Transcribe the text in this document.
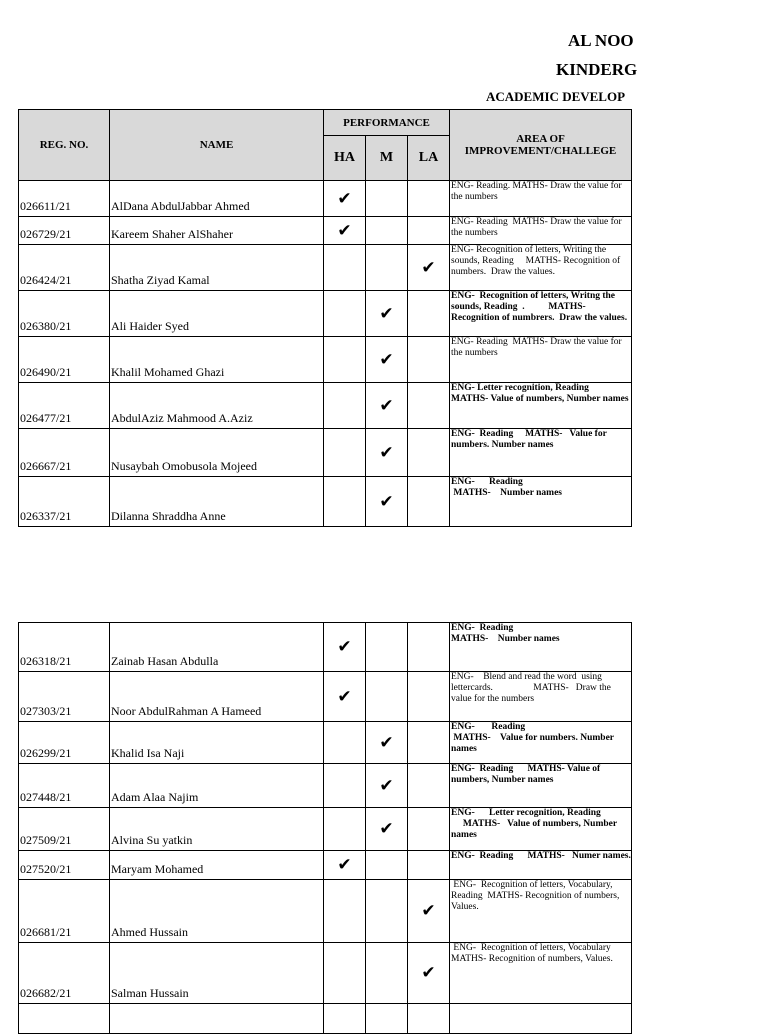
AL NOO
KINDERG
ACADEMIC DEVELOP
REG. NO.	NAME	PERFORMANCE			AREA OF IMPROVEMENT/CHALLEGE
		HA	M	LA	
026611/21	AlDana AbdulJabbar Ahmed	✔			ENG- Reading. MATHS- Draw the value for the numbers

026729/21	Kareem Shaher AlShaher	✔			ENG- Reading  MATHS- Draw the value for the numbers

026424/21	Shatha Ziyad Kamal			✔	ENG- Recognition of letters, Writing the sounds, Reading     MATHS- Recognition of numbers.  Draw the values.

026380/21	Ali Haider Syed		✔		ENG-  Recognition of letters, Writng the sounds, Reading  .          MATHS-  Recognition of numbrers.  Draw the values.

026490/21	Khalil Mohamed Ghazi		✔		ENG- Reading  MATHS- Draw the value for the numbers

026477/21	AbdulAziz Mahmood A.Aziz		✔		ENG- Letter recognition, Reading                                MATHS- Value of numbers, Number names

026667/21	Nusaybah Omobusola Mojeed		✔		ENG-  Reading     MATHS-   Value for numbers. Number names

026337/21	Dilanna Shraddha Anne		✔		ENG-      Reading
MATHS-    Number names
026318/21	Zainab Hasan Abdulla	✔			ENG-  Reading
MATHS-    Number names

027303/21	Noor AbdulRahman A Hameed	✔			ENG-    Blend and read the word  using lettercards.                 MATHS-   Draw the value for the numbers

026299/21	Khalid Isa Naji		✔		ENG-       Reading
MATHS-    Value for numbers. Number names

027448/21	Adam Alaa Najim		✔		ENG-  Reading      MATHS- Value of numbers, Number names

027509/21	Alvina Su yatkin		✔		ENG-      Letter recognition, Reading
MATHS-   Value of numbers, Number names

027520/21	Maryam Mohamed	✔			ENG-  Reading      MATHS-   Numer names.

026681/21	Ahmed Hussain			✔	ENG-  Recognition of letters, Vocabulary, Reading  MATHS- Recognition of numbers, Values.

026682/21	Salman Hussain			✔	ENG-  Recognition of letters, Vocabulary  MATHS- Recognition of numbers, Values.
